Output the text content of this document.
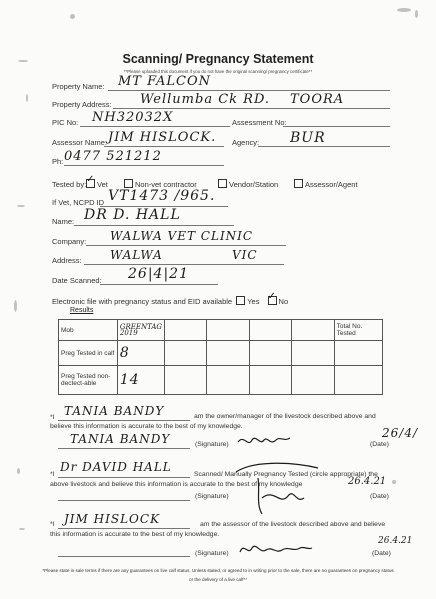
Scanning/ Pregnancy Statement
**Please uploaded this document if you do not have the original scanning/ pregnancy certificate**
Property Name: MT FALCON
Property Address: Wellumba Ck RD. TOORA
PIC No: NH32032X	Assessment No:
Assessor Name: JIM HISLOCK. Agency: BUR
Ph: 0477 521212
Tested by: ✓ Vet	Non-vet contractor	Vendor/Station	Assessor/Agent
If Vet, NCPD ID VT1473 /965.
Name: DR D. HALL
Company: WALWA VET CLINIC
Address: WALWA	VIC
Date Scanned: 26|4|21
Electronic file with pregnancy status and EID available Yes ✓ No
Results
Mob	GREENTAG 2019					Total No. Tested
Preg Tested in calf	8					
Preg Tested non-dectect-able	14					
*I TANIA BANDY	am the owner/manager of the livestock described above and
believe this information is accurate to the best of my knowledge.
TANIA BANDY	(Signature)	(Date)
26/4/
*I
Dr DAVID HALL
Scanned/ Manually Pregnancy Tested (circle appropriate) the
above livestock and believe this information is accurate to the best of my knowledge	26.4.21
(Signature)	(Date)
*I JIM HISLOCK	am the assessor of the livestock described above and believe
this information is accurate to the best of my knowledge.
(Signature)	(Date)
26.4.21
*Please state in sale terms if there are any guarantees on live calf status. Unless stated, or agreed to in writing prior to the sale, there are no guarantees on pregnancy status or the delivery of a live calf**
